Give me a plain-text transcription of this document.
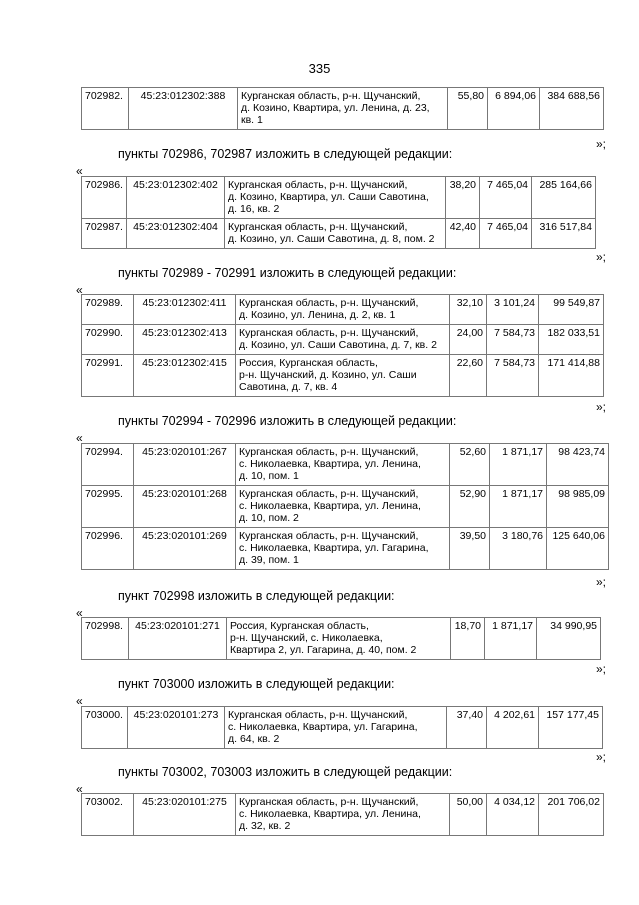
335
702982.	45:23:012302:388	Курганская область, р-н. Щучанский,
д. Козино, Квартира, ул. Ленина, д. 23,
кв. 1
	55,80	6 894,06	384 688,56
»;
пункты 702986, 702987 изложить в следующей редакции:
«
702986.	45:23:012302:402	Курганская область, р-н. Щучанский,
д. Козино, Квартира, ул. Саши Савотина,
д. 16, кв. 2	38,20	7 465,04	285 164,66
702987.	45:23:012302:404	Курганская область, р-н. Щучанский,
д. Козино, ул. Саши Савотина, д. 8, пом. 2	42,40	7 465,04	316 517,84
»;
пункты 702989 - 702991 изложить в следующей редакции:
«
702989.	45:23:012302:411	Курганская область, р-н. Щучанский,
д. Козино, ул. Ленина, д. 2, кв. 1	32,10	3 101,24	99 549,87
702990.	45:23:012302:413	Курганская область, р-н. Щучанский,
д. Козино, ул. Саши Савотина, д. 7, кв. 2	24,00	7 584,73	182 033,51
702991.	45:23:012302:415	Россия, Курганская область,
р-н. Щучанский, д. Козино, ул. Саши
Савотина, д. 7, кв. 4	22,60	7 584,73	171 414,88
»;
пункты 702994 - 702996 изложить в следующей редакции:
«
702994.	45:23:020101:267	Курганская область, р-н. Щучанский,
с. Николаевка, Квартира, ул. Ленина,
д. 10, пом. 1	52,60	1 871,17	98 423,74
702995.	45:23:020101:268	Курганская область, р-н. Щучанский,
с. Николаевка, Квартира, ул. Ленина,
д. 10, пом. 2	52,90	1 871,17	98 985,09
702996.	45:23:020101:269	Курганская область, р-н. Щучанский,
с. Николаевка, Квартира, ул. Гагарина,
д. 39, пом. 1	39,50	3 180,76	125 640,06
»;
пункт 702998 изложить в следующей редакции:
«
702998.	45:23:020101:271	Россия, Курганская область,
р-н. Щучанский, с. Николаевка,
Квартира 2, ул. Гагарина, д. 40, пом. 2
	18,70	1 871,17	34 990,95
»;
пункт 703000 изложить в следующей редакции:
«
703000.	45:23:020101:273	Курганская область, р-н. Щучанский,
с. Николаевка, Квартира, ул. Гагарина,
д. 64, кв. 2
	37,40	4 202,61	157 177,45
»;
пункты 703002, 703003 изложить в следующей редакции:
«
703002.	45:23:020101:275	Курганская область, р-н. Щучанский,
с. Николаевка, Квартира, ул. Ленина,
д. 32, кв. 2
	50,00	4 034,12	201 706,02
